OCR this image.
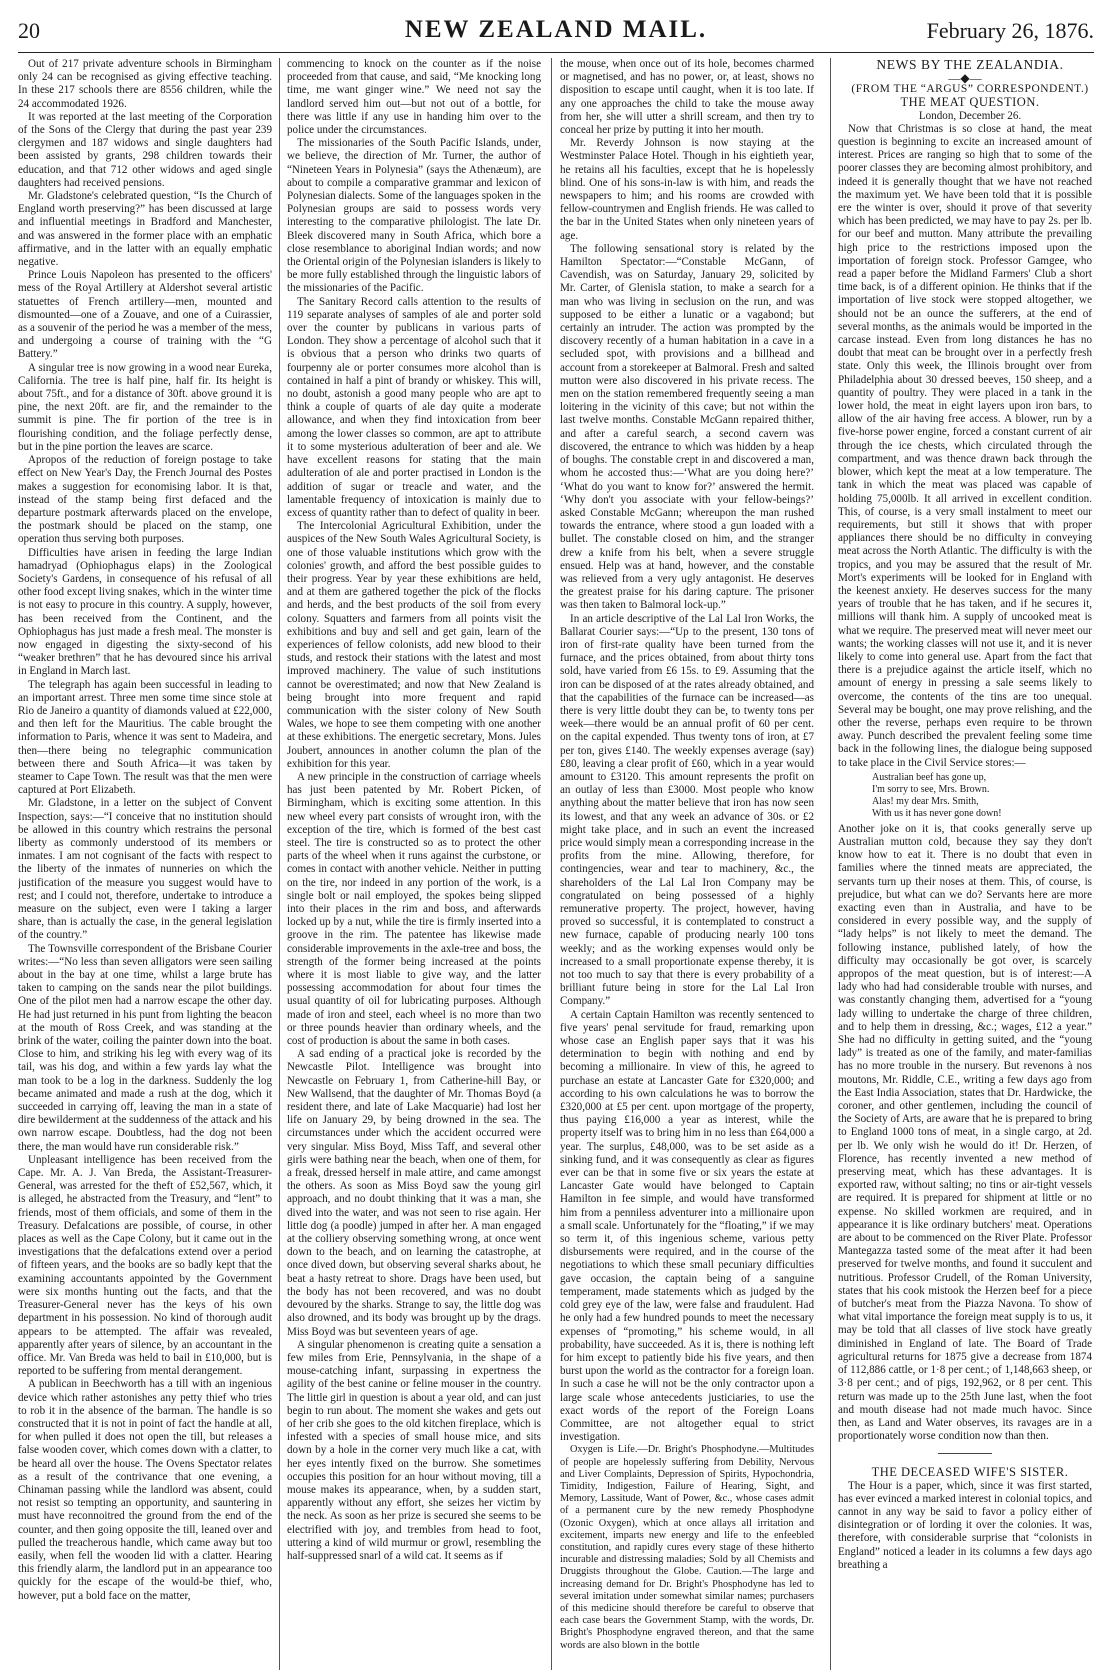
20	NEW ZEALAND MAIL.	February 26, 1876.

Out of 217 private adventure schools in Birmingham only 24 can be recognised as giving effective teaching. In these 217 schools there are 8556 children, while the 24 accommodated 1926.

It was reported at the last meeting of the Corporation of the Sons of the Clergy that during the past year 239 clergymen and 187 widows and single daughters had been assisted by grants, 298 children towards their education, and that 712 other widows and aged single daughters had received pensions.

Mr. Gladstone's celebrated question, “Is the Church of England worth preserving?” has been discussed at large and influential meetings in Bradford and Manchester, and was answered in the former place with an emphatic affirmative, and in the latter with an equally emphatic negative.

Prince Louis Napoleon has presented to the officers' mess of the Royal Artillery at Aldershot several artistic statuettes of French artillery—men, mounted and dismounted—one of a Zouave, and one of a Cuirassier, as a souvenir of the period he was a member of the mess, and undergoing a course of training with the “G Battery.”

A singular tree is now growing in a wood near Eureka, California. The tree is half pine, half fir. Its height is about 75ft., and for a distance of 30ft. above ground it is pine, the next 20ft. are fir, and the remainder to the summit is pine. The fir portion of the tree is in flourishing condition, and the foliage perfectly dense, but in the pine portion the leaves are scarce.

Apropos of the reduction of foreign postage to take effect on New Year's Day, the French Journal des Postes makes a suggestion for economising labor. It is that, instead of the stamp being first defaced and the departure postmark afterwards placed on the envelope, the postmark should be placed on the stamp, one operation thus serving both purposes.

Difficulties have arisen in feeding the large Indian hamadryad (Ophiophagus elaps) in the Zoological Society's Gardens, in consequence of his refusal of all other food except living snakes, which in the winter time is not easy to procure in this country. A supply, however, has been received from the Continent, and the Ophiophagus has just made a fresh meal. The monster is now engaged in digesting the sixty-second of his “weaker brethren” that he has devoured since his arrival in England in March last.

The telegraph has again been successful in leading to an important arrest. Three men some time since stole at Rio de Janeiro a quantity of diamonds valued at £22,000, and then left for the Mauritius. The cable brought the information to Paris, whence it was sent to Madeira, and then—there being no telegraphic communication between there and South Africa—it was taken by steamer to Cape Town. The result was that the men were captured at Port Elizabeth.

Mr. Gladstone, in a letter on the subject of Convent Inspection, says:—“I conceive that no institution should be allowed in this country which restrains the personal liberty as commonly understood of its members or inmates. I am not cognisant of the facts with respect to the liberty of the inmates of nunneries on which the justification of the measure you suggest would have to rest; and I could not, therefore, undertake to introduce a measure on the subject, even were I taking a larger share, than is actually the case, in the general legislation of the country.”

The Townsville correspondent of the Brisbane Courier writes:—“No less than seven alligators were seen sailing about in the bay at one time, whilst a large brute has taken to camping on the sands near the pilot buildings. One of the pilot men had a narrow escape the other day. He had just returned in his punt from lighting the beacon at the mouth of Ross Creek, and was standing at the brink of the water, coiling the painter down into the boat. Close to him, and striking his leg with every wag of its tail, was his dog, and within a few yards lay what the man took to be a log in the darkness. Suddenly the log became animated and made a rush at the dog, which it succeeded in carrying off, leaving the man in a state of dire bewilderment at the suddenness of the attack and his own narrow escape. Doubtless, had the dog not been there, the man would have run considerable risk.”

Unpleasant intelligence has been received from the Cape. Mr. A. J. Van Breda, the Assistant-Treasurer-General, was arrested for the theft of £52,567, which, it is alleged, he abstracted from the Treasury, and “lent” to friends, most of them officials, and some of them in the Treasury. Defalcations are possible, of course, in other places as well as the Cape Colony, but it came out in the investigations that the defalcations extend over a period of fifteen years, and the books are so badly kept that the examining accountants appointed by the Government were six months hunting out the facts, and that the Treasurer-General never has the keys of his own department in his possession. No kind of thorough audit appears to be attempted. The affair was revealed, apparently after years of silence, by an accountant in the office. Mr. Van Breda was held to bail in £10,000, but is reported to be suffering from mental derangement.

A publican in Beechworth has a till with an ingenious device which rather astonishes any petty thief who tries to rob it in the absence of the barman. The handle is so constructed that it is not in point of fact the handle at all, for when pulled it does not open the till, but releases a false wooden cover, which comes down with a clatter, to be heard all over the house. The Ovens Spectator relates as a result of the contrivance that one evening, a Chinaman passing while the landlord was absent, could not resist so tempting an opportunity, and sauntering in must have reconnoitred the ground from the end of the counter, and then going opposite the till, leaned over and pulled the treacherous handle, which came away but too easily, when fell the wooden lid with a clatter. Hearing this friendly alarm, the landlord put in an appearance too quickly for the escape of the would-be thief, who, however, put a bold face on the matter,

commencing to knock on the counter as if the noise proceeded from that cause, and said, “Me knocking long time, me want ginger wine.” We need not say the landlord served him out—but not out of a bottle, for there was little if any use in handing him over to the police under the circumstances.

The missionaries of the South Pacific Islands, under, we believe, the direction of Mr. Turner, the author of “Nineteen Years in Polynesia” (says the Athenæum), are about to compile a comparative grammar and lexicon of Polynesian dialects. Some of the languages spoken in the Polynesian groups are said to possess words very interesting to the comparative philologist. The late Dr. Bleek discovered many in South Africa, which bore a close resemblance to aboriginal Indian words; and now the Oriental origin of the Polynesian islanders is likely to be more fully established through the linguistic labors of the missionaries of the Pacific.

The Sanitary Record calls attention to the results of 119 separate analyses of samples of ale and porter sold over the counter by publicans in various parts of London. They show a percentage of alcohol such that it is obvious that a person who drinks two quarts of fourpenny ale or porter consumes more alcohol than is contained in half a pint of brandy or whiskey. This will, no doubt, astonish a good many people who are apt to think a couple of quarts of ale day quite a moderate allowance, and when they find intoxication from beer among the lower classes so common, are apt to attribute it to some mysterious adulteration of beer and ale. We have excellent reasons for stating that the main adulteration of ale and porter practised in London is the addition of sugar or treacle and water, and the lamentable frequency of intoxication is mainly due to excess of quantity rather than to defect of quality in beer.

The Intercolonial Agricultural Exhibition, under the auspices of the New South Wales Agricultural Society, is one of those valuable institutions which grow with the colonies' growth, and afford the best possible guides to their progress. Year by year these exhibitions are held, and at them are gathered together the pick of the flocks and herds, and the best products of the soil from every colony. Squatters and farmers from all points visit the exhibitions and buy and sell and get gain, learn of the experiences of fellow colonists, add new blood to their studs, and restock their stations with the latest and most improved machinery. The value of such institutions cannot be overestimated; and now that New Zealand is being brought into more frequent and rapid communication with the sister colony of New South Wales, we hope to see them competing with one another at these exhibitions. The energetic secretary, Mons. Jules Joubert, announces in another column the plan of the exhibition for this year.

A new principle in the construction of carriage wheels has just been patented by Mr. Robert Picken, of Birmingham, which is exciting some attention. In this new wheel every part consists of wrought iron, with the exception of the tire, which is formed of the best cast steel. The tire is constructed so as to protect the other parts of the wheel when it runs against the curbstone, or comes in contact with another vehicle. Neither in putting on the tire, nor indeed in any portion of the work, is a single bolt or nail employed, the spokes being slipped into their places in the rim and boss, and afterwards locked up by a nut, while the tire is firmly inserted into a groove in the rim. The patentee has likewise made considerable improvements in the axle-tree and boss, the strength of the former being increased at the points where it is most liable to give way, and the latter possessing accommodation for about four times the usual quantity of oil for lubricating purposes. Although made of iron and steel, each wheel is no more than two or three pounds heavier than ordinary wheels, and the cost of production is about the same in both cases.

A sad ending of a practical joke is recorded by the Newcastle Pilot. Intelligence was brought into Newcastle on February 1, from Catherine-hill Bay, or New Wallsend, that the daughter of Mr. Thomas Boyd (a resident there, and late of Lake Macquarie) had lost her life on January 29, by being drowned in the sea. The circumstances under which the accident occurred were very singular. Miss Boyd, Miss Taff, and several other girls were bathing near the beach, when one of them, for a freak, dressed herself in male attire, and came amongst the others. As soon as Miss Boyd saw the young girl approach, and no doubt thinking that it was a man, she dived into the water, and was not seen to rise again. Her little dog (a poodle) jumped in after her. A man engaged at the colliery observing something wrong, at once went down to the beach, and on learning the catastrophe, at once dived down, but observing several sharks about, he beat a hasty retreat to shore. Drags have been used, but the body has not been recovered, and was no doubt devoured by the sharks. Strange to say, the little dog was also drowned, and its body was brought up by the drags. Miss Boyd was but seventeen years of age.

A singular phenomenon is creating quite a sensation a few miles from Erie, Pennsylvania, in the shape of a mouse-catching infant, surpassing in expertness the agility of the best canine or feline mouser in the country. The little girl in question is about a year old, and can just begin to run about. The moment she wakes and gets out of her crib she goes to the old kitchen fireplace, which is infested with a species of small house mice, and sits down by a hole in the corner very much like a cat, with her eyes intently fixed on the burrow. She sometimes occupies this position for an hour without moving, till a mouse makes its appearance, when, by a sudden start, apparently without any effort, she seizes her victim by the neck. As soon as her prize is secured she seems to be electrified with joy, and trembles from head to foot, uttering a kind of wild murmur or growl, resembling the half-suppressed snarl of a wild cat. It seems as if

the mouse, when once out of its hole, becomes charmed or magnetised, and has no power, or, at least, shows no disposition to escape until caught, when it is too late. If any one approaches the child to take the mouse away from her, she will utter a shrill scream, and then try to conceal her prize by putting it into her mouth.

Mr. Reverdy Johnson is now staying at the Westminster Palace Hotel. Though in his eightieth year, he retains all his faculties, except that he is hopelessly blind. One of his sons-in-law is with him, and reads the newspapers to him; and his rooms are crowded with fellow-countrymen and English friends. He was called to the bar in the United States when only nineteen years of age.

The following sensational story is related by the Hamilton Spectator:—“Constable McGann, of Cavendish, was on Saturday, January 29, solicited by Mr. Carter, of Glenisla station, to make a search for a man who was living in seclusion on the run, and was supposed to be either a lunatic or a vagabond; but certainly an intruder. The action was prompted by the discovery recently of a human habitation in a cave in a secluded spot, with provisions and a billhead and account from a storekeeper at Balmoral. Fresh and salted mutton were also discovered in his private recess. The men on the station remembered frequently seeing a man loitering in the vicinity of this cave; but not within the last twelve months. Constable McGann repaired thither, and after a careful search, a second cavern was discovered, the entrance to which was hidden by a heap of boughs. The constable crept in and discovered a man, whom he accosted thus:—‘What are you doing here?’ ‘What do you want to know for?’ answered the hermit. ‘Why don't you associate with your fellow-beings?’ asked Constable McGann; whereupon the man rushed towards the entrance, where stood a gun loaded with a bullet. The constable closed on him, and the stranger drew a knife from his belt, when a severe struggle ensued. Help was at hand, however, and the constable was relieved from a very ugly antagonist. He deserves the greatest praise for his daring capture. The prisoner was then taken to Balmoral lock-up.”

In an article descriptive of the Lal Lal Iron Works, the Ballarat Courier says:—“Up to the present, 130 tons of iron of first-rate quality have been turned from the furnace, and the prices obtained, from about thirty tons sold, have varied from £6 15s. to £9. Assuming that the iron can be disposed of at the rates already obtained, and that the capabilities of the furnace can be increased—as there is very little doubt they can be, to twenty tons per week—there would be an annual profit of 60 per cent. on the capital expended. Thus twenty tons of iron, at £7 per ton, gives £140. The weekly expenses average (say) £80, leaving a clear profit of £60, which in a year would amount to £3120. This amount represents the profit on an outlay of less than £3000. Most people who know anything about the matter believe that iron has now seen its lowest, and that any week an advance of 30s. or £2 might take place, and in such an event the increased price would simply mean a corresponding increase in the profits from the mine. Allowing, therefore, for contingencies, wear and tear to machinery, &c., the shareholders of the Lal Lal Iron Company may be congratulated on being possessed of a highly remunerative property. The project, however, having proved so successful, it is contemplated to construct a new furnace, capable of producing nearly 100 tons weekly; and as the working expenses would only be increased to a small proportionate expense thereby, it is not too much to say that there is every probability of a brilliant future being in store for the Lal Lal Iron Company.”

A certain Captain Hamilton was recently sentenced to five years' penal servitude for fraud, remarking upon whose case an English paper says that it was his determination to begin with nothing and end by becoming a millionaire. In view of this, he agreed to purchase an estate at Lancaster Gate for £320,000; and according to his own calculations he was to borrow the £320,000 at £5 per cent. upon mortgage of the property, thus paying £16,000 a year as interest, while the property itself was to bring him in no less than £64,000 a year. The surplus, £48,000, was to be set aside as a sinking fund, and it was consequently as clear as figures ever can be that in some five or six years the estate at Lancaster Gate would have belonged to Captain Hamilton in fee simple, and would have transformed him from a penniless adventurer into a millionaire upon a small scale. Unfortunately for the “floating,” if we may so term it, of this ingenious scheme, various petty disbursements were required, and in the course of the negotiations to which these small pecuniary difficulties gave occasion, the captain being of a sanguine temperament, made statements which as judged by the cold grey eye of the law, were false and fraudulent. Had he only had a few hundred pounds to meet the necessary expenses of “promoting,” his scheme would, in all probability, have succeeded. As it is, there is nothing left for him except to patiently bide his five years, and then burst upon the world as the contractor for a foreign loan. In such a case he will not be the only contractor upon a large scale whose antecedents justiciaries, to use the exact words of the report of the Foreign Loans Committee, are not altogether equal to strict investigation.

Oxygen is Life.—Dr. Bright's Phosphodyne.—Multitudes of people are hopelessly suffering from Debility, Nervous and Liver Complaints, Depression of Spirits, Hypochondria, Timidity, Indigestion, Failure of Hearing, Sight, and Memory, Lassitude, Want of Power, &c., whose cases admit of a permanent cure by the new remedy Phosphodyne (Ozonic Oxygen), which at once allays all irritation and excitement, imparts new energy and life to the enfeebled constitution, and rapidly cures every stage of these hitherto incurable and distressing maladies; Sold by all Chemists and Druggists throughout the Globe. Caution.—The large and increasing demand for Dr. Bright's Phosphodyne has led to several imitation under somewhat similar names; purchasers of this medicine should therefore be careful to observe that each case bears the Government Stamp, with the words, Dr. Bright's Phosphodyne engraved thereon, and that the same words are also blown in the bottle

NEWS BY THE ZEALANDIA.

—◆—

(FROM THE “ARGUS” CORRESPONDENT.)

THE MEAT QUESTION.

London, December 26.

Now that Christmas is so close at hand, the meat question is beginning to excite an increased amount of interest. Prices are ranging so high that to some of the poorer classes they are becoming almost prohibitory, and indeed it is generally thought that we have not reached the maximum yet. We have been told that it is possible ere the winter is over, should it prove of that severity which has been predicted, we may have to pay 2s. per lb. for our beef and mutton. Many attribute the prevailing high price to the restrictions imposed upon the importation of foreign stock. Professor Gamgee, who read a paper before the Midland Farmers' Club a short time back, is of a different opinion. He thinks that if the importation of live stock were stopped altogether, we should not be an ounce the sufferers, at the end of several months, as the animals would be imported in the carcase instead. Even from long distances he has no doubt that meat can be brought over in a perfectly fresh state. Only this week, the Illinois brought over from Philadelphia about 30 dressed beeves, 150 sheep, and a quantity of poultry. They were placed in a tank in the lower hold, the meat in eight layers upon iron bars, to allow of the air having free access. A blower, run by a five-horse power engine, forced a constant current of air through the ice chests, which circulated through the compartment, and was thence drawn back through the blower, which kept the meat at a low temperature. The tank in which the meat was placed was capable of holding 75,000lb. It all arrived in excellent condition. This, of course, is a very small instalment to meet our requirements, but still it shows that with proper appliances there should be no difficulty in conveying meat across the North Atlantic. The difficulty is with the tropics, and you may be assured that the result of Mr. Mort's experiments will be looked for in England with the keenest anxiety. He deserves success for the many years of trouble that he has taken, and if he secures it, millions will thank him. A supply of uncooked meat is what we require. The preserved meat will never meet our wants; the working classes will not use it, and it is never likely to come into general use. Apart from the fact that there is a prejudice against the article itself, which no amount of energy in pressing a sale seems likely to overcome, the contents of the tins are too unequal. Several may be bought, one may prove relishing, and the other the reverse, perhaps even require to be thrown away. Punch described the prevalent feeling some time back in the following lines, the dialogue being supposed to take place in the Civil Service stores:—

Australian beef has gone up,
I'm sorry to see, Mrs. Brown.
Alas! my dear Mrs. Smith,
With us it has never gone down!

Another joke on it is, that cooks generally serve up Australian mutton cold, because they say they don't know how to eat it. There is no doubt that even in families where the tinned meats are appreciated, the servants turn up their noses at them. This, of course, is prejudice, but what can we do? Servants here are more exacting even than in Australia, and have to be considered in every possible way, and the supply of “lady helps” is not likely to meet the demand. The following instance, published lately, of how the difficulty may occasionally be got over, is scarcely appropos of the meat question, but is of interest:—A lady who had had considerable trouble with nurses, and was constantly changing them, advertised for a “young lady willing to undertake the charge of three children, and to help them in dressing, &c.; wages, £12 a year.” She had no difficulty in getting suited, and the “young lady” is treated as one of the family, and mater-familias has no more trouble in the nursery. But revenons à nos moutons, Mr. Riddle, C.E., writing a few days ago from the East India Association, states that Dr. Hardwicke, the coroner, and other gentlemen, including the council of the Society of Arts, are aware that he is prepared to bring to England 1000 tons of meat, in a single cargo, at 2d. per lb. We only wish he would do it! Dr. Herzen, of Florence, has recently invented a new method of preserving meat, which has these advantages. It is exported raw, without salting; no tins or air-tight vessels are required. It is prepared for shipment at little or no expense. No skilled workmen are required, and in appearance it is like ordinary butchers' meat. Operations are about to be commenced on the River Plate. Professor Mantegazza tasted some of the meat after it had been preserved for twelve months, and found it succulent and nutritious. Professor Crudell, of the Roman University, states that his cook mistook the Herzen beef for a piece of butcher's meat from the Piazza Navona. To show of what vital importance the foreign meat supply is to us, it may be told that all classes of live stock have greatly diminished in England of late. The Board of Trade agricultural returns for 1875 give a decrease from 1874 of 112,886 cattle, or 1·8 per cent.; of 1,148,663 sheep, or 3·8 per cent.; and of pigs, 192,962, or 8 per cent. This return was made up to the 25th June last, when the foot and mouth disease had not made much havoc. Since then, as Land and Water observes, its ravages are in a proportionately worse condition now than then.

THE DECEASED WIFE'S SISTER.

The Hour is a paper, which, since it was first started, has ever evinced a marked interest in colonial topics, and cannot in any way be said to favor a policy either of disintegration or of lording it over the colonies. It was, therefore, with considerable surprise that “colonists in England” noticed a leader in its columns a few days ago breathing a
